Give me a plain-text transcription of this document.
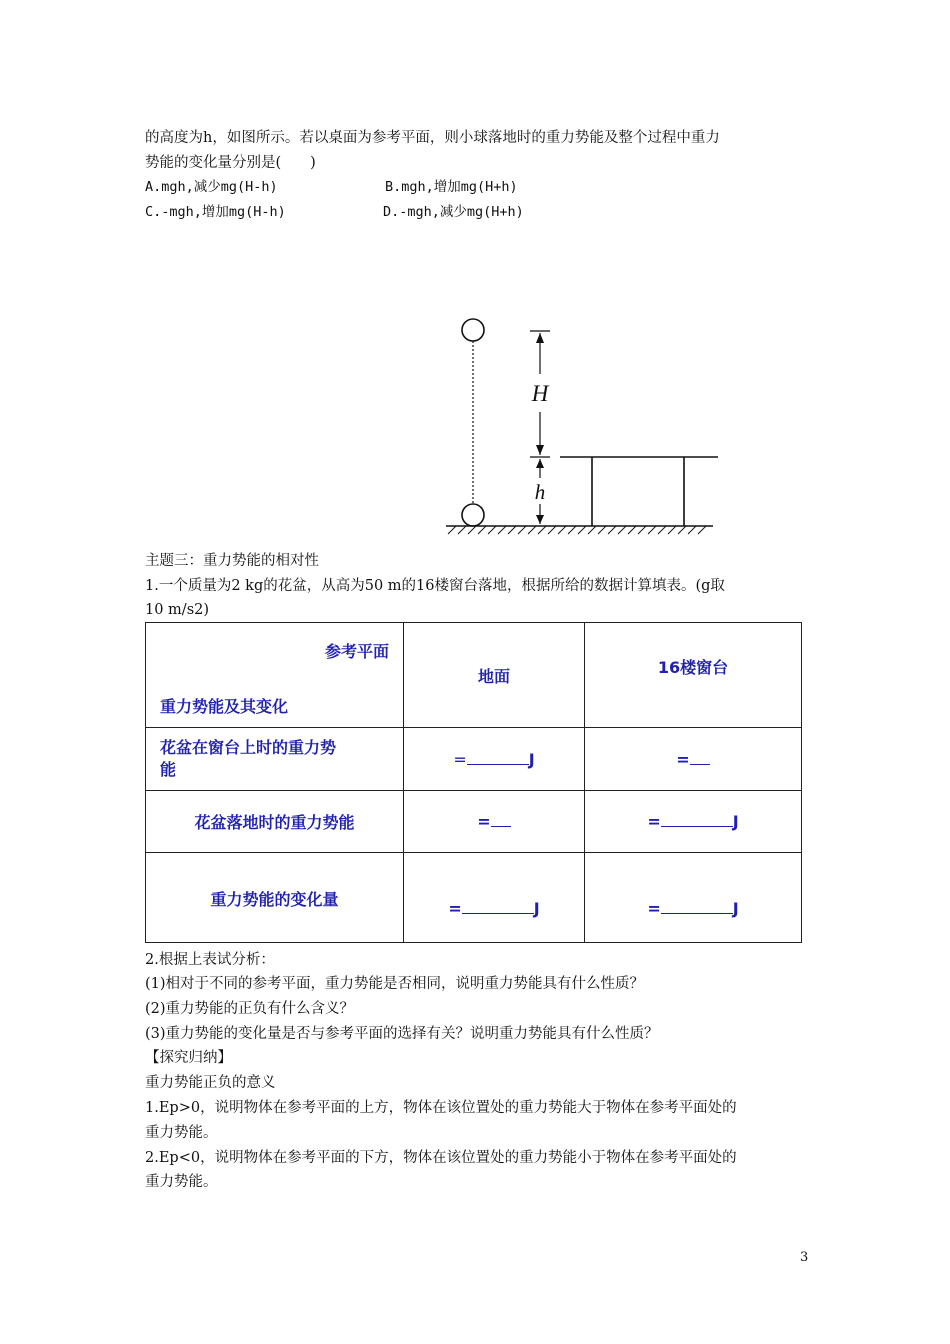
的高度为h，如图所示。若以桌面为参考平面，则小球落地时的重力势能及整个过程中重力
势能的变化量分别是(　　)
A.mgh,减少mg(H-h)	B.mgh,增加mg(H+h)
C.-mgh,增加mg(H-h)	D.-mgh,减少mg(H+h)
H
h
主题三：重力势能的相对性
1.一个质量为2 kg的花盆，从高为50 m的16楼窗台落地，根据所给的数据计算填表。(g取
10 m/s2)
参考平面
重力势能及其变化	地面	16楼窗台
花盆在窗台上时的重力势
能	= J	=
花盆落地时的重力势能	=	= J
重力势能的变化量	= J	= J
2.根据上表试分析：
(1)相对于不同的参考平面，重力势能是否相同，说明重力势能具有什么性质？
(2)重力势能的正负有什么含义？
(3)重力势能的变化量是否与参考平面的选择有关？说明重力势能具有什么性质？
【探究归纳】
重力势能正负的意义
1.Ep>0，说明物体在参考平面的上方，物体在该位置处的重力势能大于物体在参考平面处的
重力势能。
2.Ep<0，说明物体在参考平面的下方，物体在该位置处的重力势能小于物体在参考平面处的
重力势能。
3
